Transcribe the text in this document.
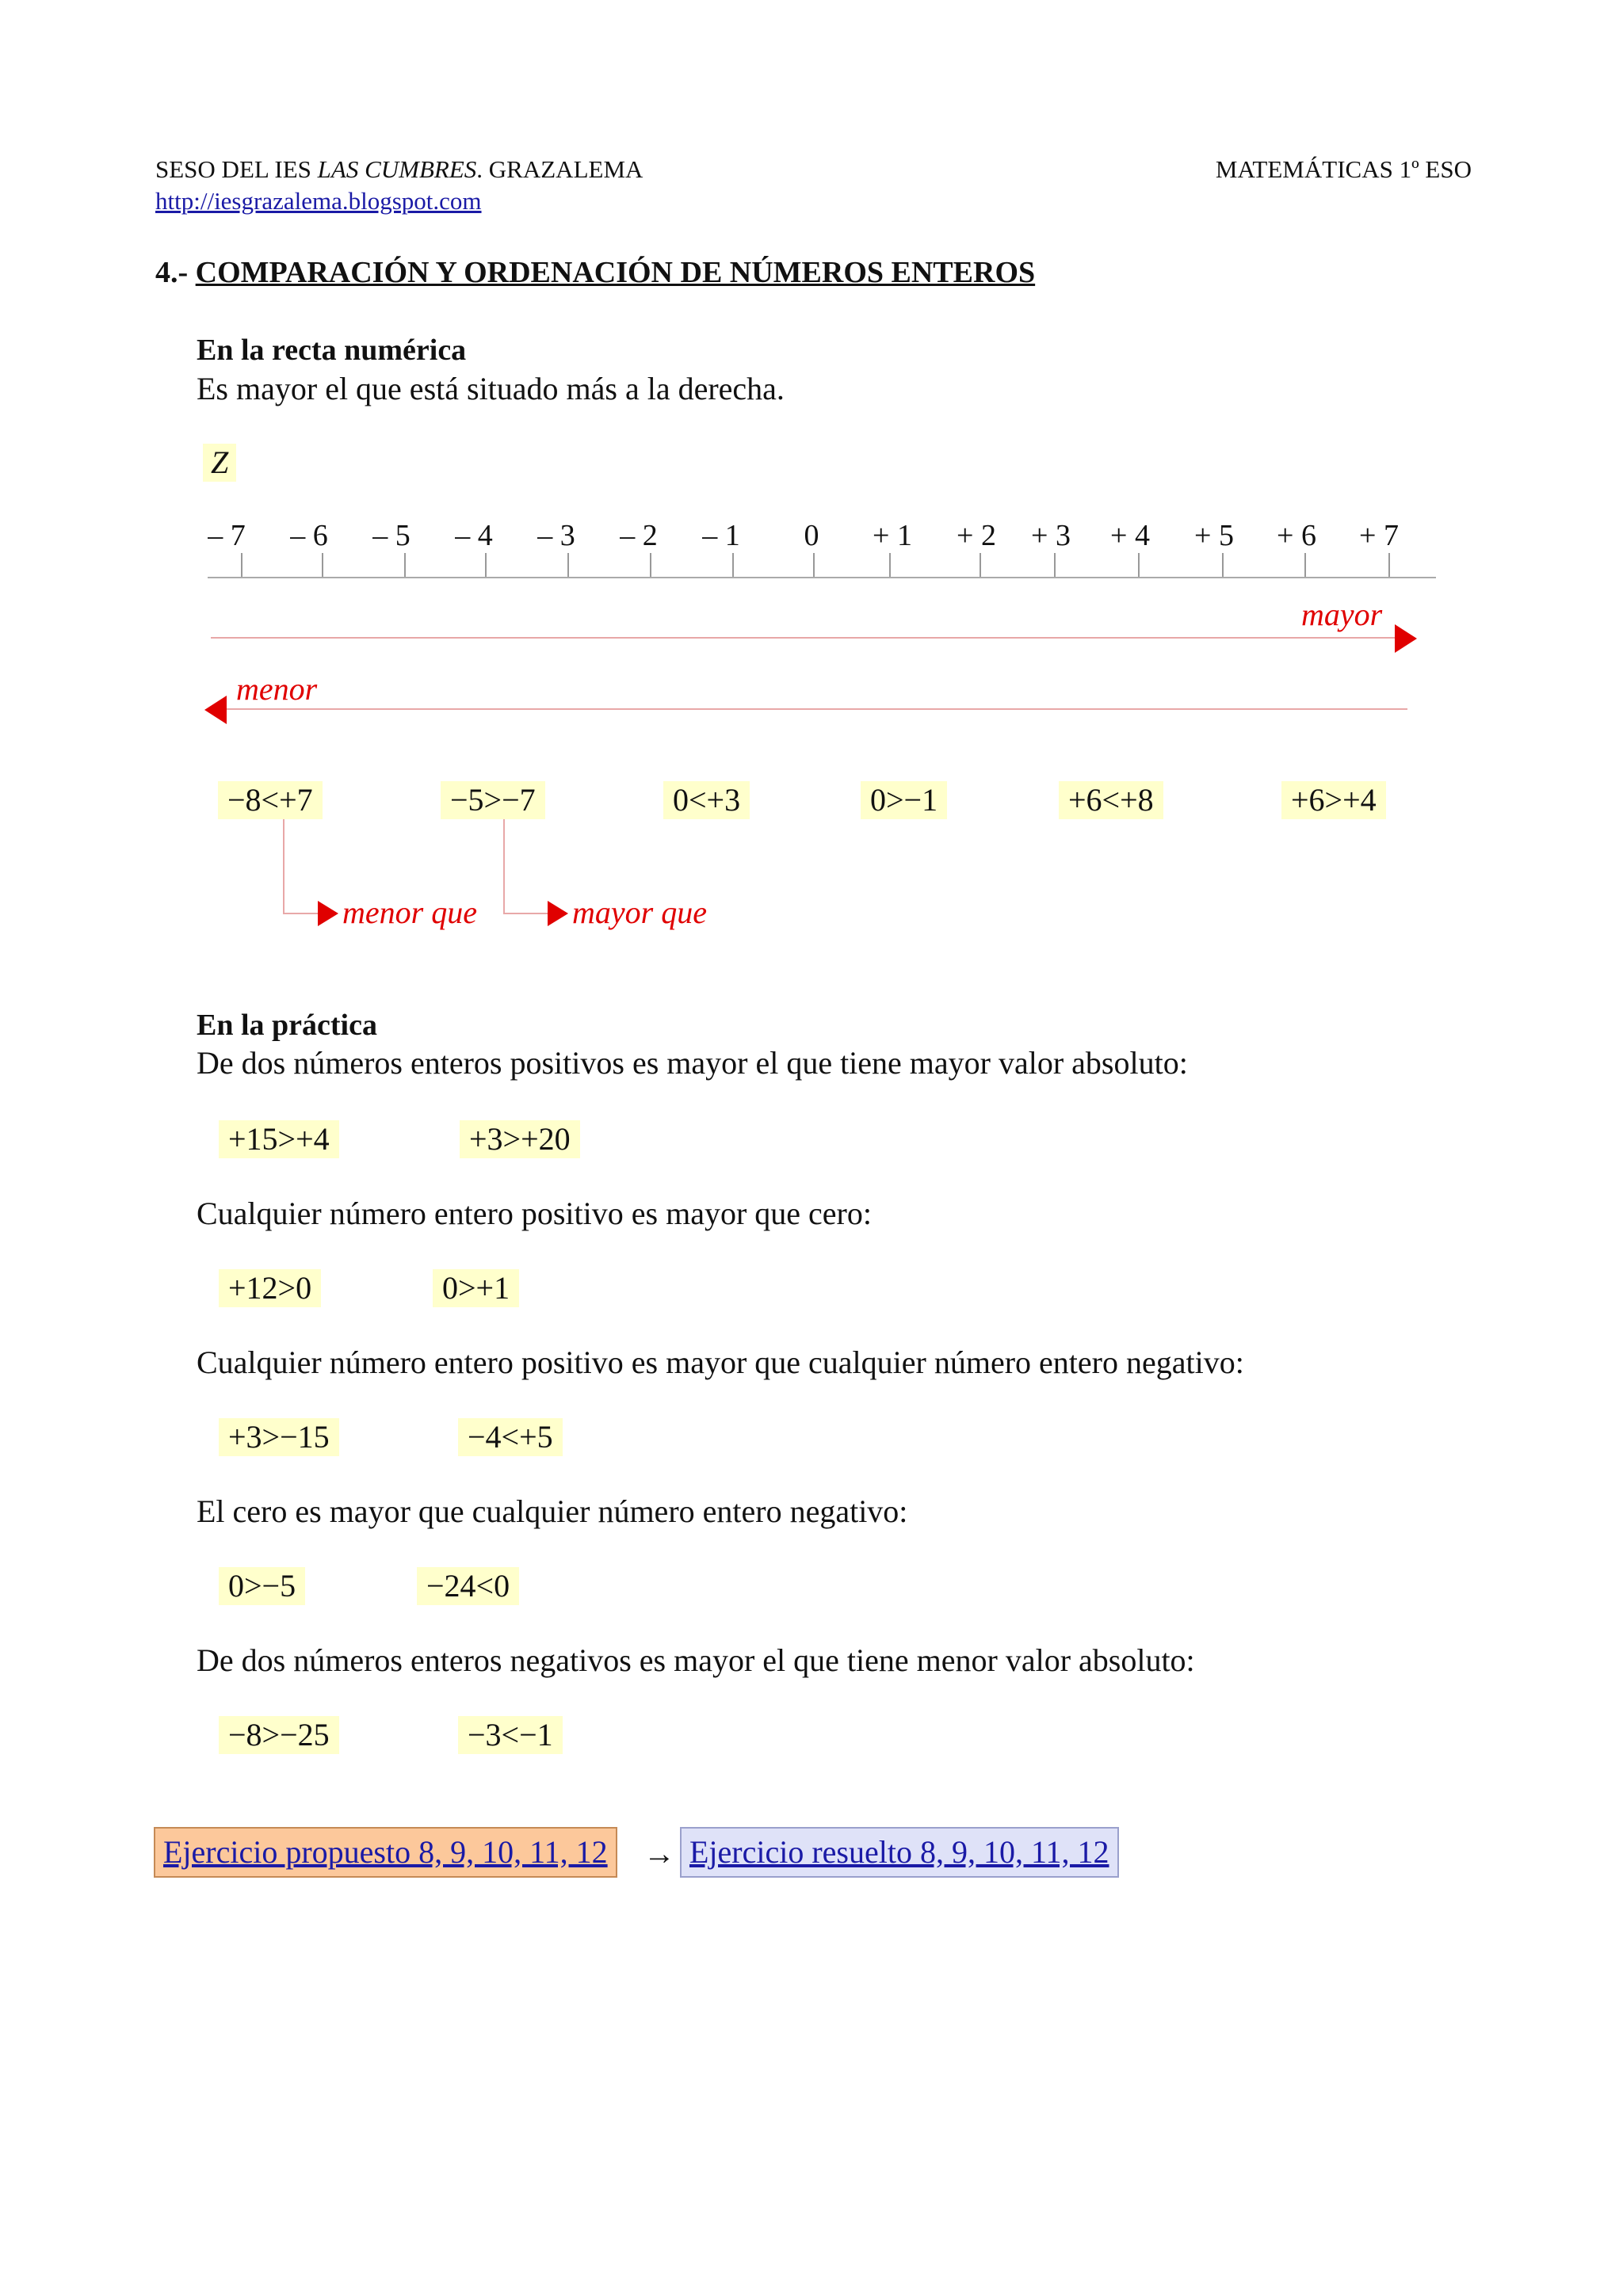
SESO DEL IES LAS CUMBRES. GRAZALEMA	MATEMÁTICAS 1º ESO
http://iesgrazalema.blogspot.com
4.- COMPARACIÓN Y ORDENACIÓN DE NÚMEROS ENTEROS
En la recta numérica
Es mayor el que está situado más a la derecha.
Z
– 7 – 6 – 5 – 4 – 3 – 2 – 1 0 + 1 + 2 + 3 + 4 + 5 + 6 + 7
mayor
menor
−8<+7	−5>−7	0<+3	0>−1	+6<+8	+6>+4
menor que	mayor que
En la práctica
De dos números enteros positivos es mayor el que tiene mayor valor absoluto:
+15>+4	+3>+20
Cualquier número entero positivo es mayor que cero:
+12>0	0>+1
Cualquier número entero positivo es mayor que cualquier número entero negativo:
+3>−15	−4<+5
El cero es mayor que cualquier número entero negativo:
0>−5	−24<0
De dos números enteros negativos es mayor el que tiene menor valor absoluto:
−8>−25	−3<−1
Ejercicio propuesto 8, 9, 10, 11, 12	→ Ejercicio resuelto 8, 9, 10, 11, 12
